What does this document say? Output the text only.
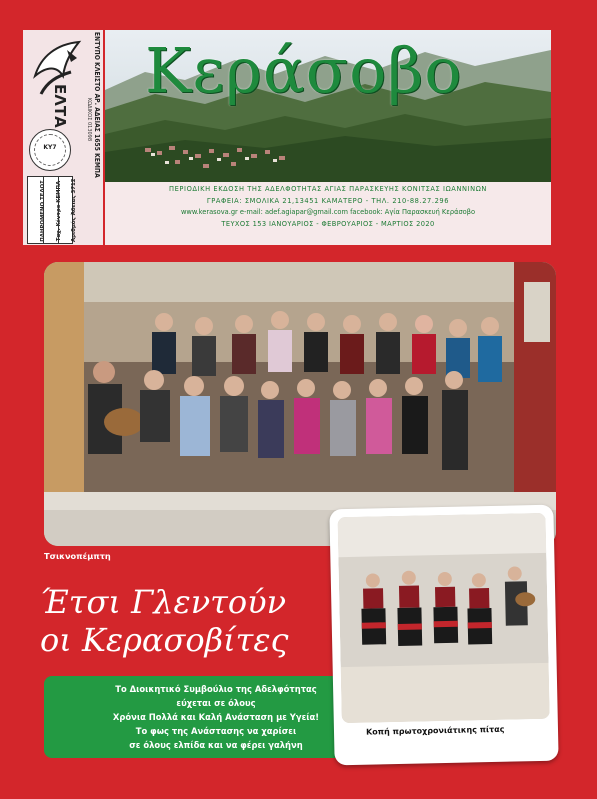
ΕΛΤΑ
ΚΥ7
ΠΛΗΡΩΜΕΝΟ ΤΕΛΟΣ	Ταχ. Κέντρο ΚΕΜΠΑ	Αριθμός Άδειας 3712
ΚΩΔΙΚΟΣ 013098 ΕΝΤΥΠΟ ΚΛΕΙΣΤΟ ΑΡ. ΑΔΕΙΑΣ 1655 ΚΕΜΠΑ Κεράσοβο
ΠΕΡΙΟΔΙΚΗ ΕΚΔΟΣΗ ΤΗΣ ΑΔΕΛΦΟΤΗΤΑΣ ΑΓΙΑΣ ΠΑΡΑΣΚΕΥΗΣ ΚΟΝΙΤΣΑΣ ΙΩΑΝΝΙΝΩΝ
ΓΡΑΦΕΙΑ: ΣΜΟΛΙΚΑ 21,13451 ΚΑΜΑΤΕΡΟ - ΤΗΛ. 210-88.27.296
www.kerasova.gr e-mail: adef.agiapar@gmail.com facebook: Αγία Παρασκευή Κεράσοβο
ΤΕΥΧΟΣ 153 ΙΑΝΟΥΑΡΙΟΣ - ΦΕΒΡΟΥΑΡΙΟΣ - ΜΑΡΤΙΟΣ 2020
Τσικνοπέμπτη
Έτσι Γλεντούν
οι Κερασοβίτες
Το Διοικητικό Συμβούλιο της Αδελφότητας
εύχεται σε όλους
Χρόνια Πολλά και Καλή Ανάσταση με Υγεία!
Το φως της Ανάστασης να χαρίσει
σε όλους ελπίδα και να φέρει γαλήνη
Κοπή πρωτοχρονιάτικης πίτας
